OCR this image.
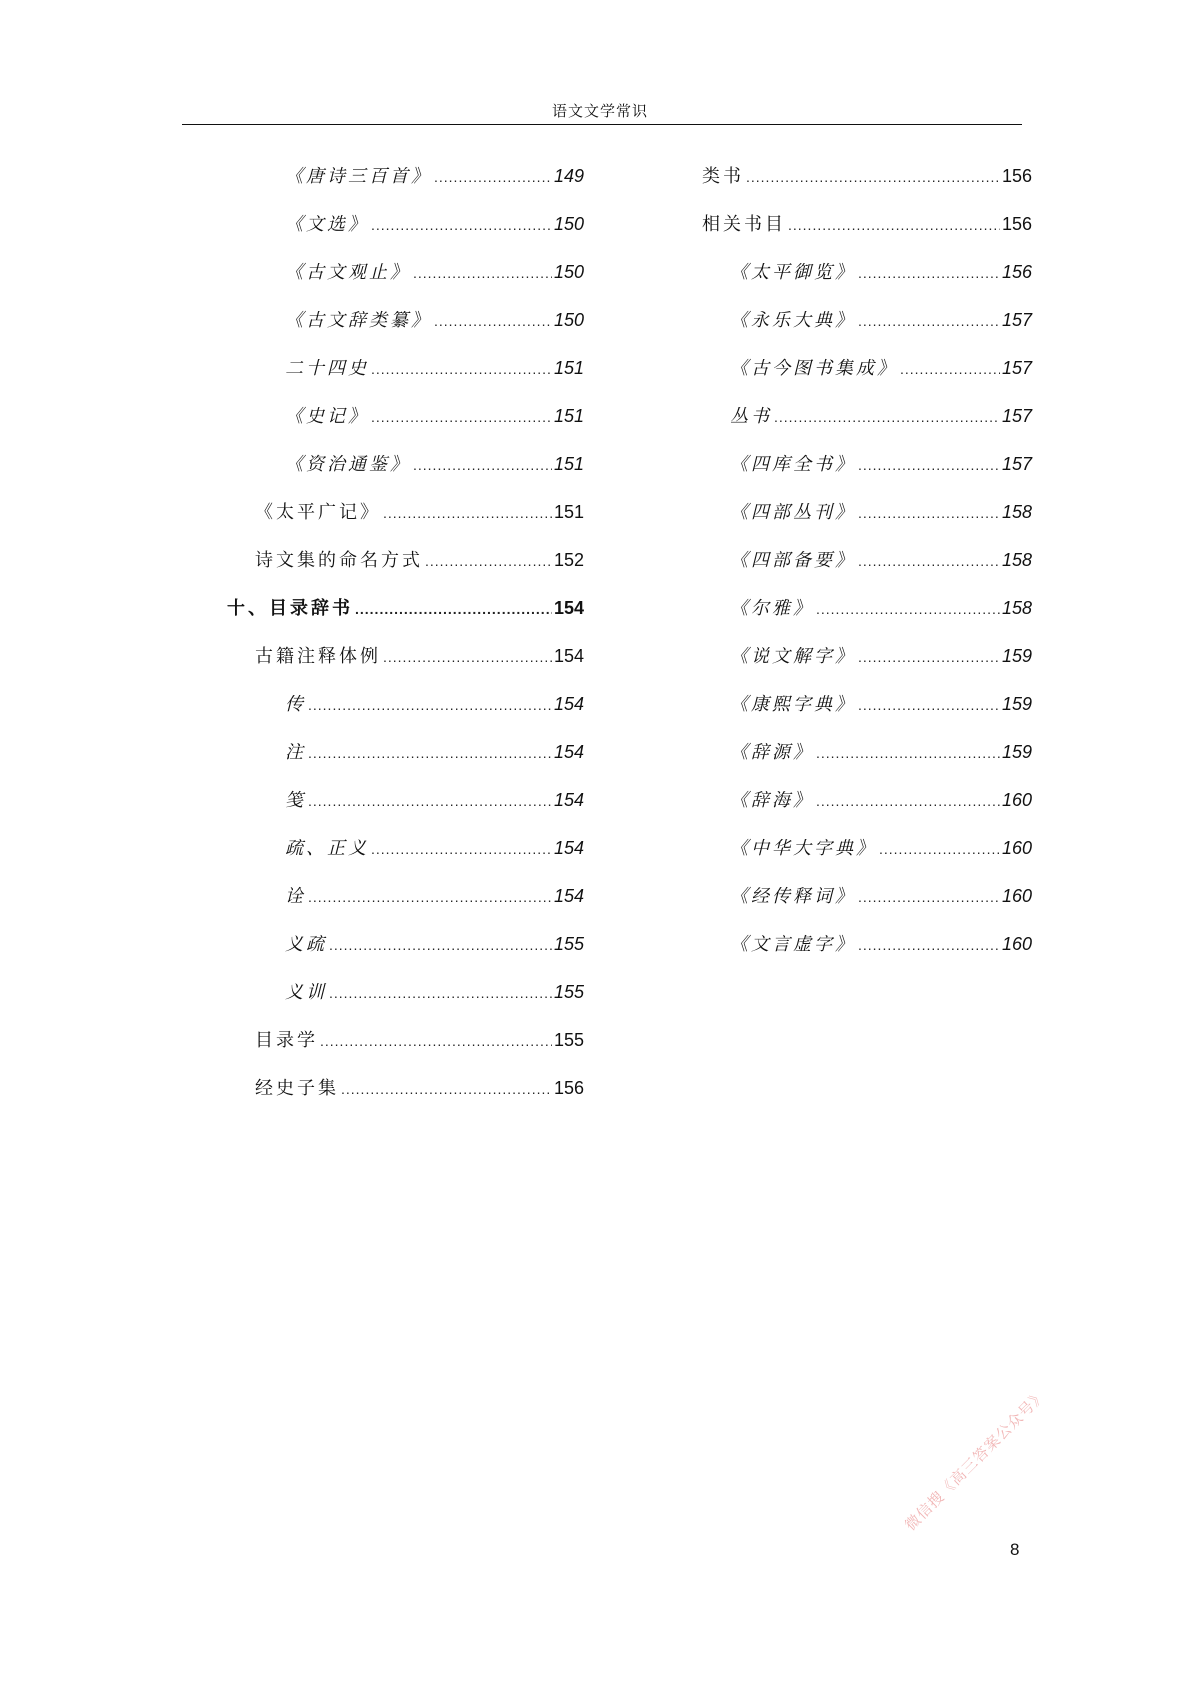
语文文学常识
《唐诗三百首》 .....	149
《文选》 .....	150
《古文观止》 .....	150
《古文辞类纂》 .....	150
二十四史 .....	151
《史记》 .....	151
《资治通鉴》 .....	151
《太平广记》 .....	151
诗文集的命名方式 .....	152
十、目录辞书 .....	154
古籍注释体例 .....	154
传 .....	154
注 .....	154
笺 .....	154
疏、正义 .....	154
诠 .....	154
义疏 .....	155
义训 .....	155
目录学 .....	155
经史子集 .....	156
类书 .....	156
相关书目 .....	156
《太平御览》 .....	156
《永乐大典》 .....	157
《古今图书集成》 .....	157
丛书 .....	157
《四库全书》 .....	157
《四部丛刊》 .....	158
《四部备要》 .....	158
《尔雅》 .....	158
《说文解字》 .....	159
《康熙字典》 .....	159
《辞源》 .....	159
《辞海》 .....	160
《中华大字典》 .....	160
《经传释词》 .....	160
《文言虚字》 .....	160
8
微信搜《高三答案公众号》
